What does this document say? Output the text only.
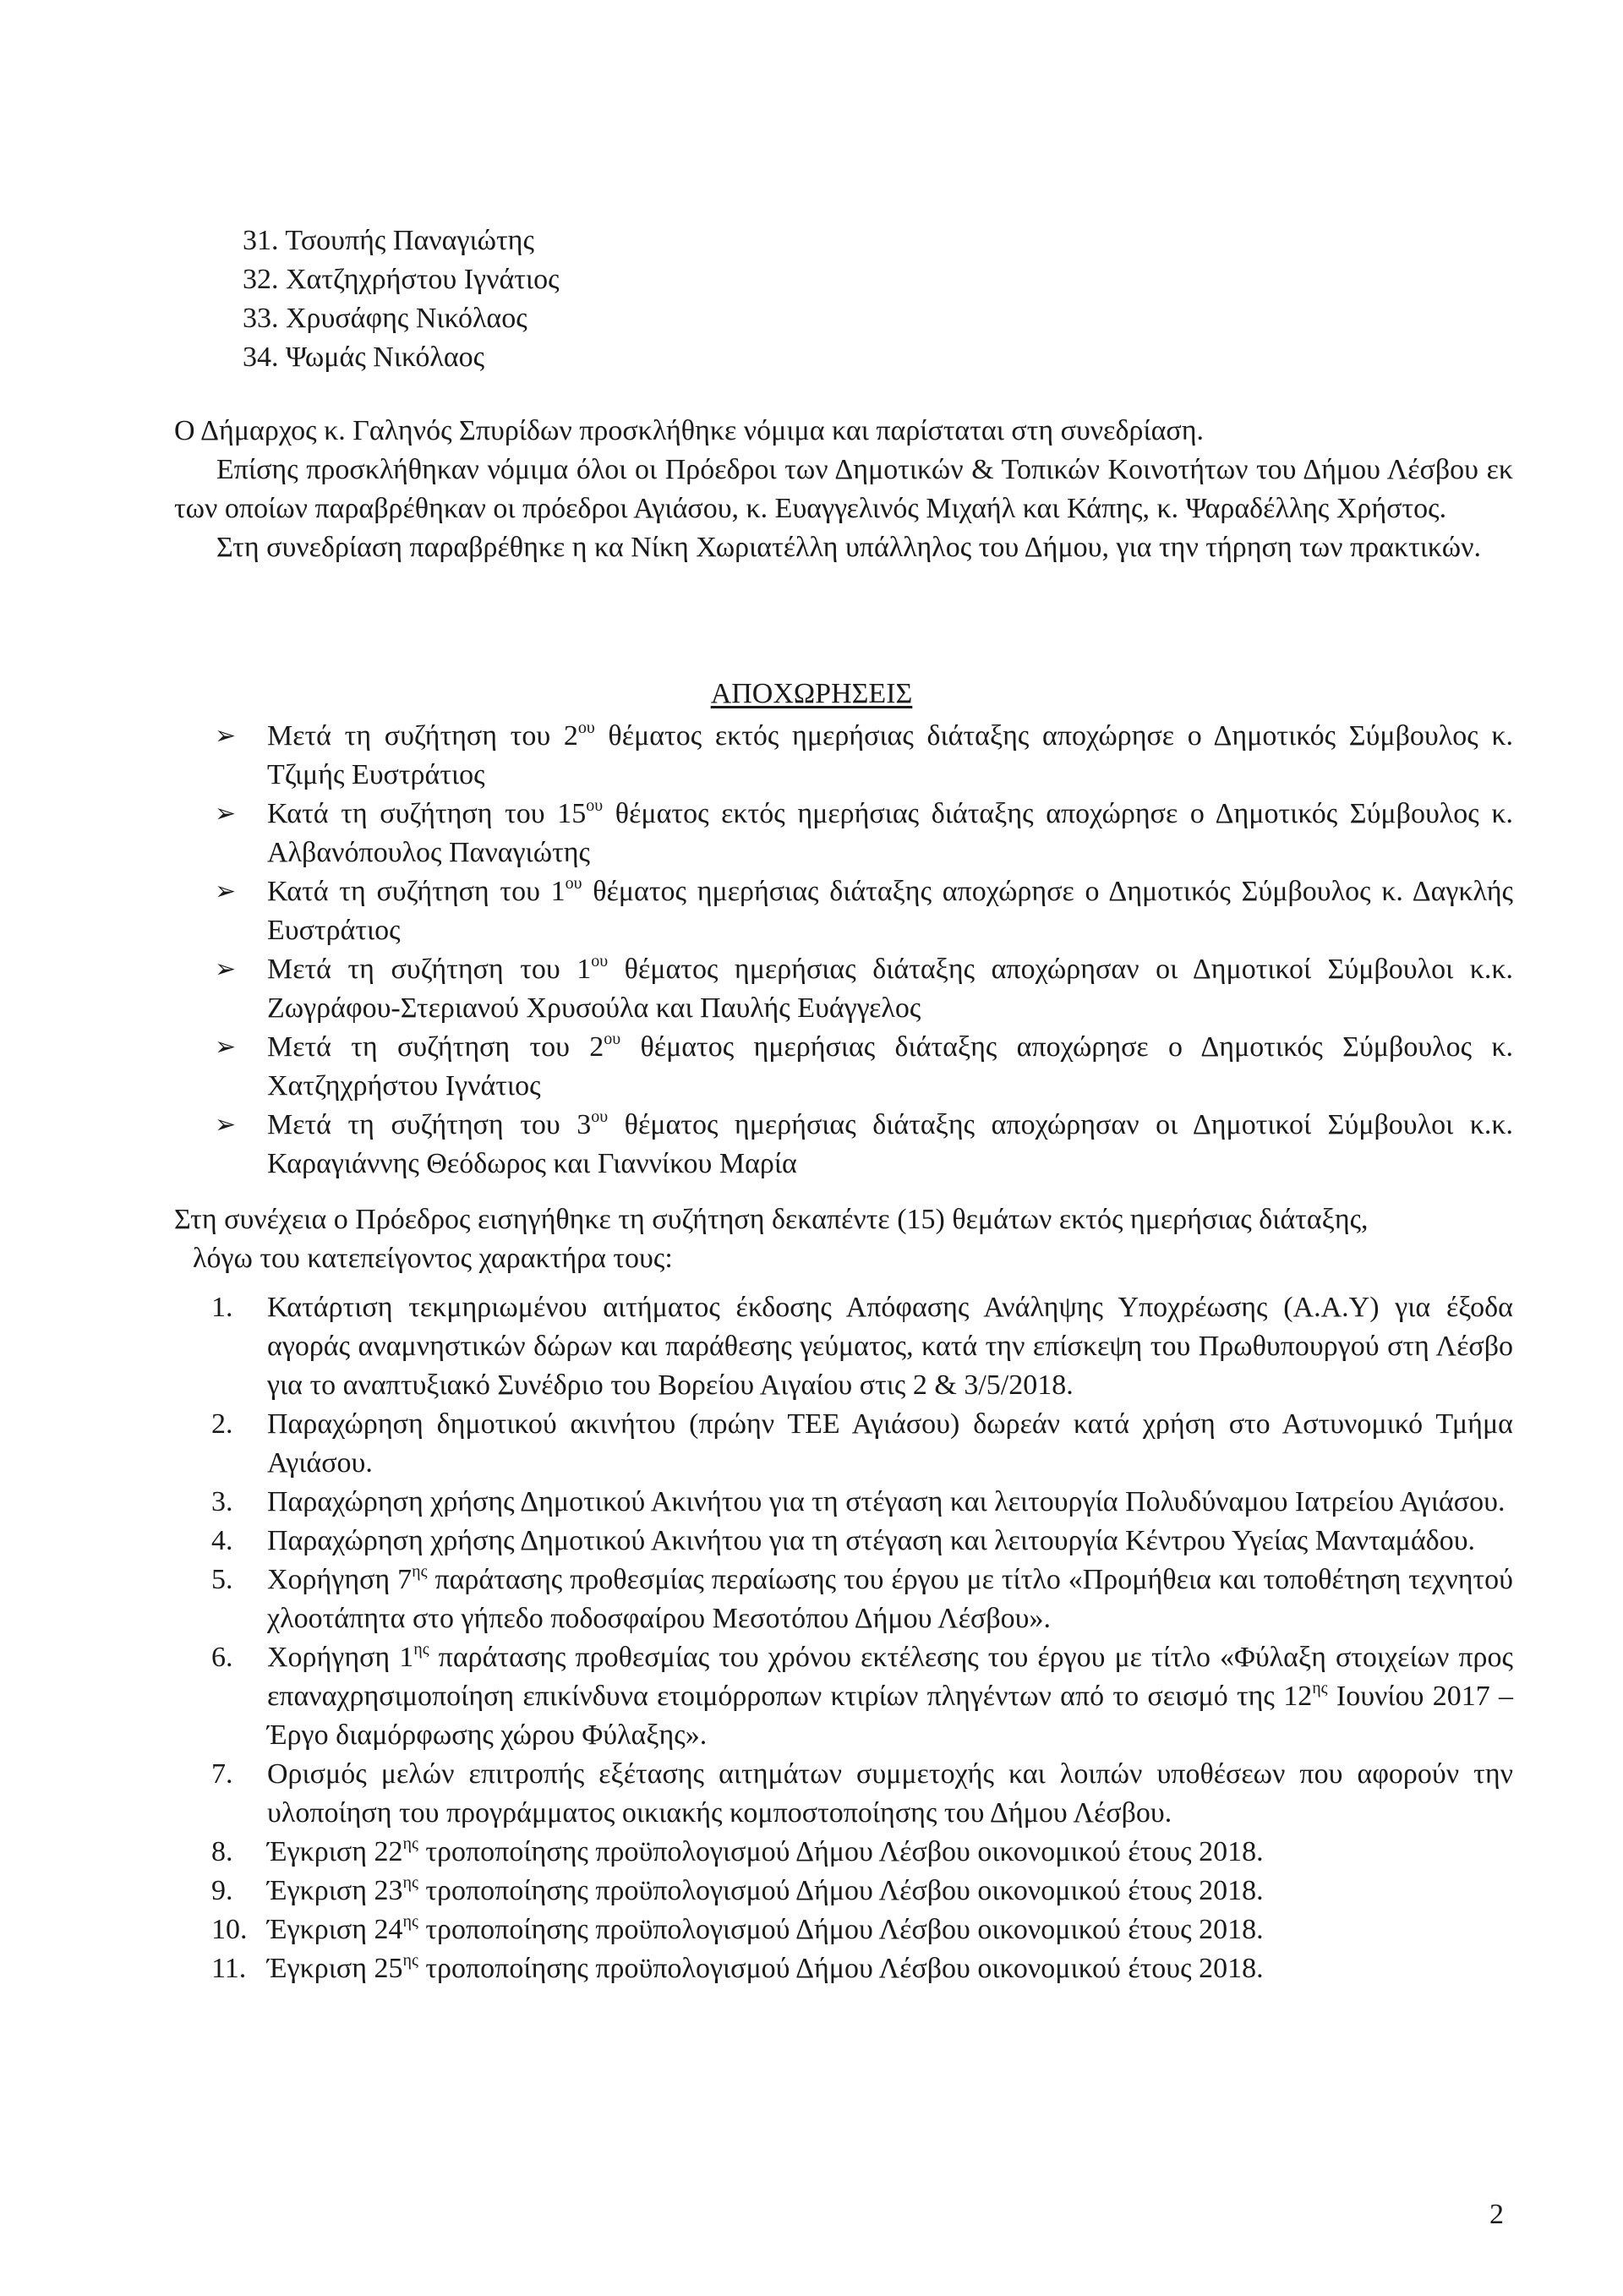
31. Τσουπής Παναγιώτης
32. Χατζηχρήστου Ιγνάτιος
33. Χρυσάφης Νικόλαος
34. Ψωμάς Νικόλαος

Ο Δήμαρχος κ. Γαληνός Σπυρίδων προσκλήθηκε νόμιμα και παρίσταται στη συνεδρίαση.

Επίσης προσκλήθηκαν νόμιμα όλοι οι Πρόεδροι των Δημοτικών & Τοπικών Κοινοτήτων του Δήμου Λέσβου εκ των οποίων παραβρέθηκαν οι πρόεδροι Αγιάσου, κ. Ευαγγελινός Μιχαήλ και Κάπης, κ. Ψαραδέλλης Χρήστος.

Στη συνεδρίαση παραβρέθηκε η κα Νίκη Χωριατέλλη υπάλληλος του Δήμου, για την τήρηση των πρακτικών.

ΑΠΟΧΩΡΗΣΕΙΣ
➢ Μετά τη συζήτηση του $2^{o\upsilon}$ θέματος εκτός ημερήσιας διάταξης αποχώρησε ο Δημοτικός Σύμβουλος κ. Τζιμής Ευστράτιος
➢ Κατά τη συζήτηση του $15^{o\upsilon}$ θέματος εκτός ημερήσιας διάταξης αποχώρησε ο Δημοτικός Σύμβουλος κ. Αλβανόπουλος Παναγιώτης
➢ Κατά τη συζήτηση του $1^{o\upsilon}$ θέματος ημερήσιας διάταξης αποχώρησε ο Δημοτικός Σύμβουλος κ. Δαγκλής Ευστράτιος
➢ Μετά τη συζήτηση του $1^{o\upsilon}$ θέματος ημερήσιας διάταξης αποχώρησαν οι Δημοτικοί Σύμβουλοι κ.κ. Ζωγράφου-Στεριανού Χρυσούλα και Παυλής Ευάγγελος
➢ Μετά τη συζήτηση του $2^{o\upsilon}$ θέματος ημερήσιας διάταξης αποχώρησε ο Δημοτικός Σύμβουλος κ. Χατζηχρήστου Ιγνάτιος
➢ Μετά τη συζήτηση του $3^{o\upsilon}$ θέματος ημερήσιας διάταξης αποχώρησαν οι Δημοτικοί Σύμβουλοι κ.κ. Καραγιάννης Θεόδωρος και Γιαννίκου Μαρία
Στη συνέχεια ο Πρόεδρος εισηγήθηκε τη συζήτηση δεκαπέντε (15) θεμάτων εκτός ημερήσιας διάταξης,
λόγω του κατεπείγοντος χαρακτήρα τους:
1.	Κατάρτιση τεκμηριωμένου αιτήματος έκδοσης Απόφασης Ανάληψης Υποχρέωσης (Α.Α.Υ) για έξοδα αγοράς αναμνηστικών δώρων και παράθεσης γεύματος, κατά την επίσκεψη του Πρωθυπουργού στη Λέσβο για το αναπτυξιακό Συνέδριο του Βορείου Αιγαίου στις 2 & 3/5/2018.
2.	Παραχώρηση δημοτικού ακινήτου (πρώην ΤΕΕ Αγιάσου) δωρεάν κατά χρήση στο Αστυνομικό Τμήμα Αγιάσου.
3.	Παραχώρηση χρήσης Δημοτικού Ακινήτου για τη στέγαση και λειτουργία Πολυδύναμου Ιατρείου Αγιάσου.
4.	Παραχώρηση χρήσης Δημοτικού Ακινήτου για τη στέγαση και λειτουργία Κέντρου Υγείας Μανταμάδου.
5.	Χορήγηση $7^{\eta\varsigma}$ παράτασης προθεσμίας περαίωσης του έργου με τίτλο «Προμήθεια και τοποθέτηση τεχνητού χλοοτάπητα στο γήπεδο ποδοσφαίρου Μεσοτόπου Δήμου Λέσβου».
6.	Χορήγηση $1^{\eta\varsigma}$ παράτασης προθεσμίας του χρόνου εκτέλεσης του έργου με τίτλο «Φύλαξη στοιχείων προς επαναχρησιμοποίηση επικίνδυνα ετοιμόρροπων κτιρίων πληγέντων από το σεισμό της $12^{\eta\varsigma}$ Ιουνίου 2017 – Έργο διαμόρφωσης χώρου Φύλαξης».
7.	Ορισμός μελών επιτροπής εξέτασης αιτημάτων συμμετοχής και λοιπών υποθέσεων που αφορούν την υλοποίηση του προγράμματος οικιακής κομποστοποίησης του Δήμου Λέσβου.
8.	Έγκριση $22^{\eta\varsigma}$ τροποποίησης προϋπολογισμού Δήμου Λέσβου οικονομικού έτους 2018.
9.	Έγκριση $23^{\eta\varsigma}$ τροποποίησης προϋπολογισμού Δήμου Λέσβου οικονομικού έτους 2018.
10. Έγκριση $24^{\eta\varsigma}$ τροποποίησης προϋπολογισμού Δήμου Λέσβου οικονομικού έτους 2018.
11. Έγκριση $25^{\eta\varsigma}$ τροποποίησης προϋπολογισμού Δήμου Λέσβου οικονομικού έτους 2018.
2
